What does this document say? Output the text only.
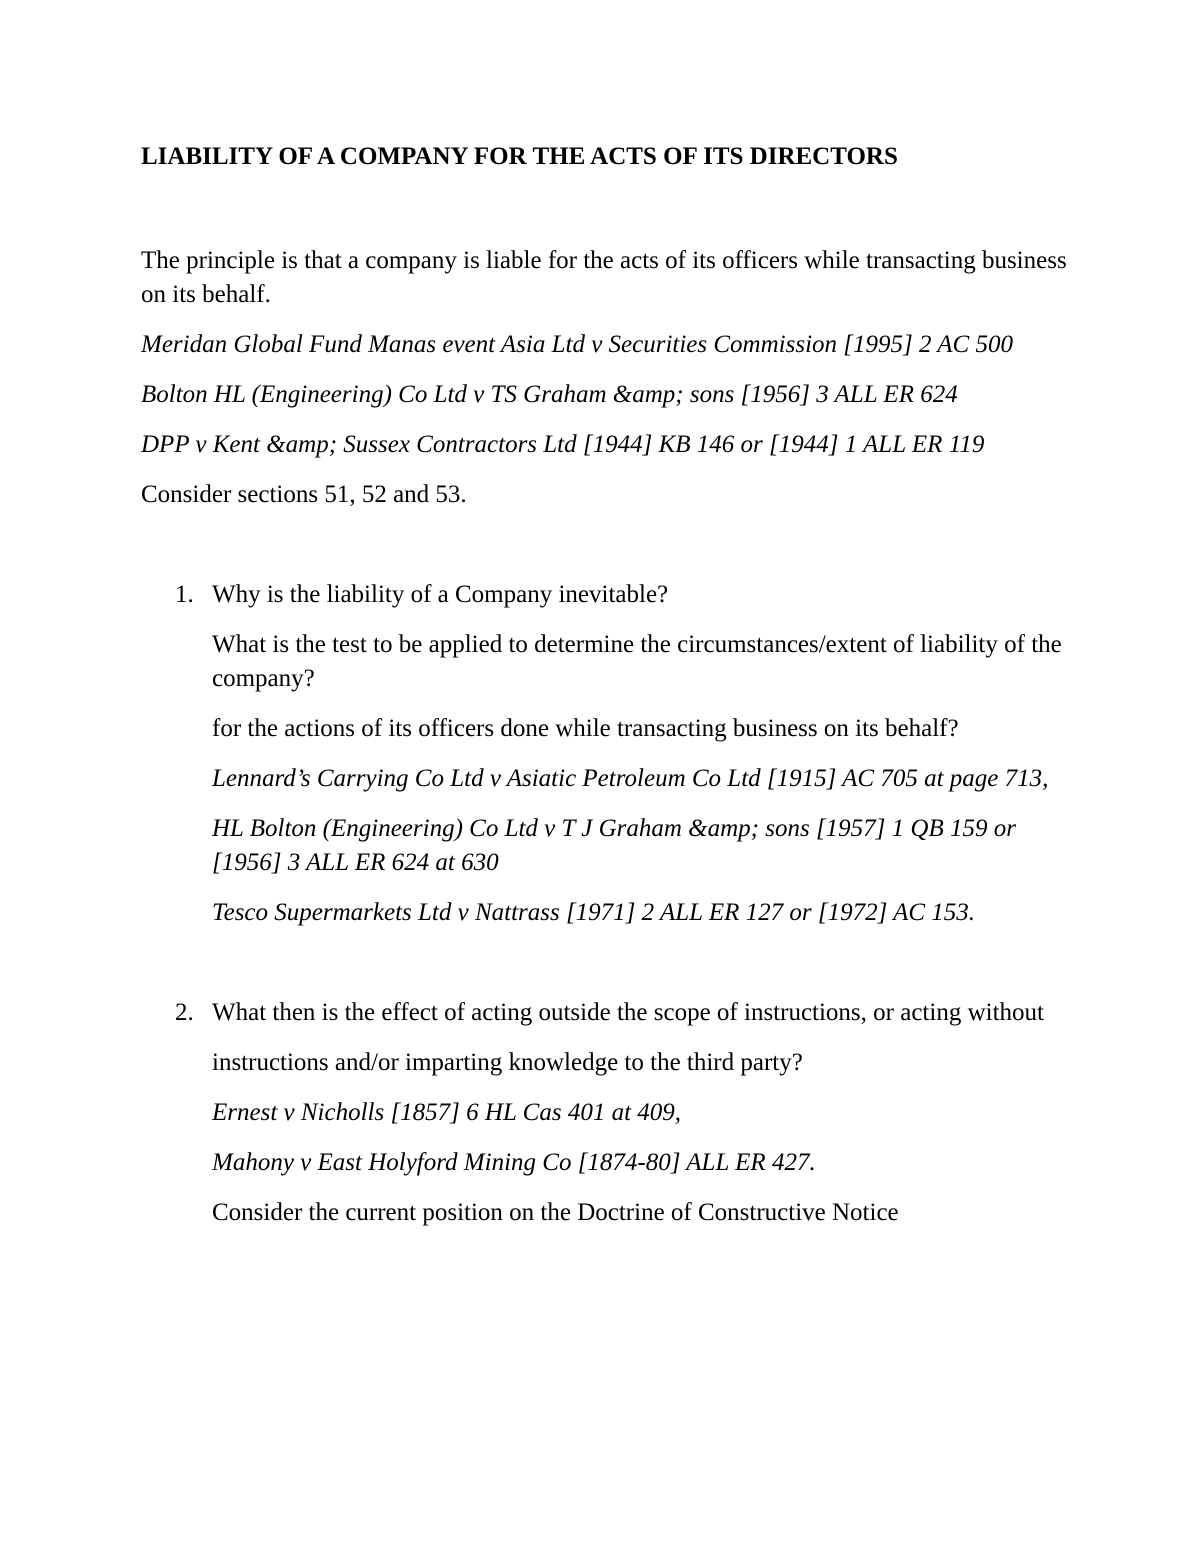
LIABILITY OF A COMPANY FOR THE ACTS OF ITS DIRECTORS

The principle is that a company is liable for the acts of its officers while transacting business on its behalf.

Meridan Global Fund Manas event Asia Ltd v Securities Commission [1995] 2 AC 500

Bolton HL (Engineering) Co Ltd v TS Graham &amp; sons [1956] 3 ALL ER 624

DPP v Kent &amp; Sussex Contractors Ltd [1944] KB 146 or [1944] 1 ALL ER 119

Consider sections 51, 52 and 53.

1. Why is the liability of a Company inevitable?

What is the test to be applied to determine the circumstances/extent of liability of the company?

for the actions of its officers done while transacting business on its behalf?

Lennard’s Carrying Co Ltd v Asiatic Petroleum Co Ltd [1915] AC 705 at page 713,

HL Bolton (Engineering) Co Ltd v T J Graham &amp; sons [1957] 1 QB 159 or [1956] 3 ALL ER 624 at 630

Tesco Supermarkets Ltd v Nattrass [1971] 2 ALL ER 127 or [1972] AC 153.

2. What then is the effect of acting outside the scope of instructions, or acting without

instructions and/or imparting knowledge to the third party?

Ernest v Nicholls [1857] 6 HL Cas 401 at 409,

Mahony v East Holyford Mining Co [1874-80] ALL ER 427.

Consider the current position on the Doctrine of Constructive Notice
